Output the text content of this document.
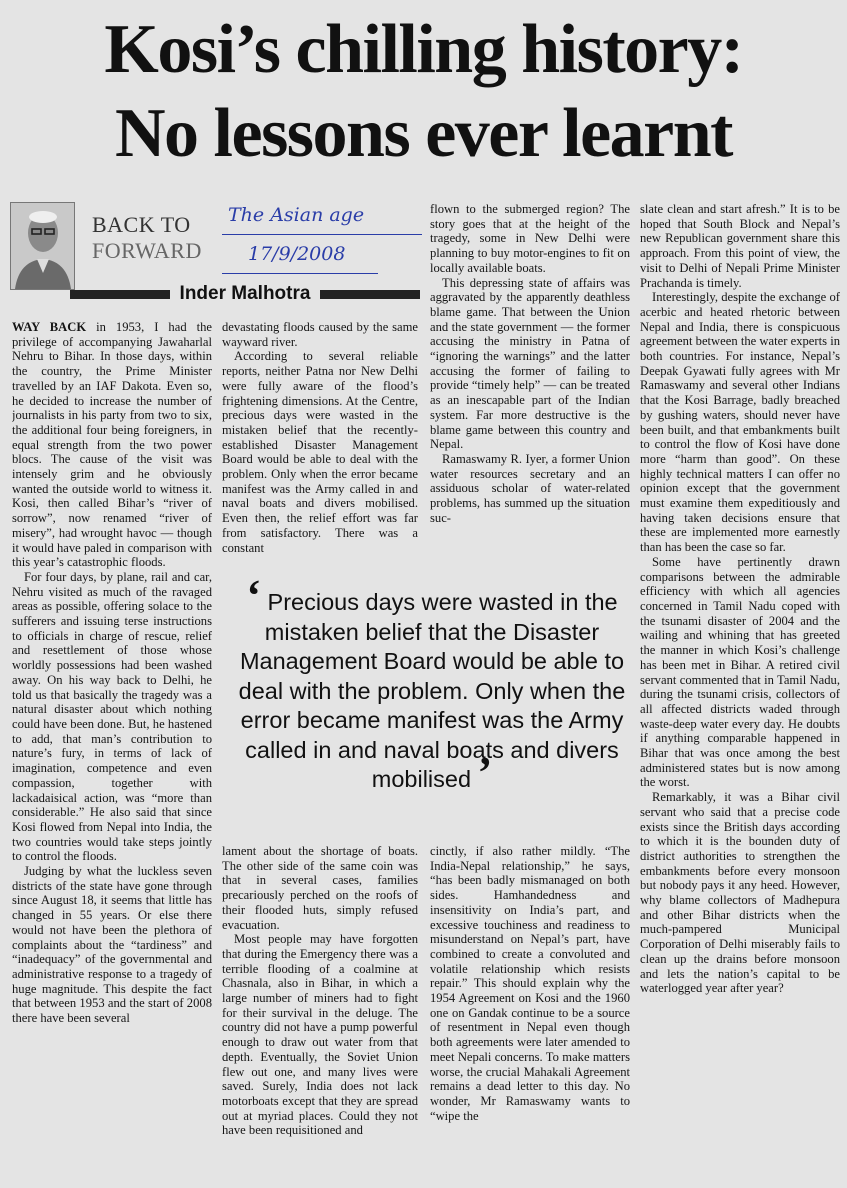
Kosi’s chilling history:
No lessons ever learnt
BACK TO
FORWARD
The Asian age
17/9/2008
Inder Malhotra

WAY BACK in 1953, I had the privilege of accompanying Jawaharlal Nehru to Bihar. In those days, within the country, the Prime Minister travelled by an IAF Dakota. Even so, he decided to increase the number of journalists in his party from two to six, the additional four being foreigners, in equal strength from the two power blocs. The cause of the visit was intensely grim and he obviously wanted the outside world to witness it. Kosi, then called Bihar’s “river of sorrow”, now renamed “river of misery”, had wrought havoc — though it would have paled in comparison with this year’s catastrophic floods.

For four days, by plane, rail and car, Nehru visited as much of the ravaged areas as possible, offering solace to the sufferers and issuing terse instructions to officials in charge of rescue, relief and resettlement of those whose worldly possessions had been washed away. On his way back to Delhi, he told us that basically the tragedy was a natural disaster about which nothing could have been done. But, he hastened to add, that man’s contribution to nature’s fury, in terms of lack of imagination, competence and even compassion, together with lackadaisical action, was “more than considerable.” He also said that since Kosi flowed from Nepal into India, the two countries would take steps jointly to control the floods.

Judging by what the luckless seven districts of the state have gone through since August 18, it seems that little has changed in 55 years. Or else there would not have been the plethora of complaints about the “tardiness” and “inadequacy” of the governmental and administrative response to a tragedy of huge magnitude. This despite the fact that between 1953 and the start of 2008 there have been several

devastating floods caused by the same wayward river.

According to several reliable reports, neither Patna nor New Delhi were fully aware of the flood’s frightening dimensions. At the Centre, precious days were wasted in the mistaken belief that the recently-established Disaster Management Board would be able to deal with the problem. Only when the error became manifest was the Army called in and naval boats and divers mobilised. Even then, the relief effort was far from satisfactory. There was a constant

flown to the submerged region? The story goes that at the height of the tragedy, some in New Delhi were planning to buy motor-engines to fit on locally available boats.

This depressing state of affairs was aggravated by the apparently deathless blame game. That between the Union and the state government — the former accusing the ministry in Patna of “ignoring the warnings” and the latter accusing the former of failing to provide “timely help” — can be treated as an inescapable part of the Indian system. Far more destructive is the blame game between this country and Nepal.

Ramaswamy R. Iyer, a former Union water resources secretary and an assiduous scholar of water-related problems, has summed up the situation suc-

‘ Precious days were wasted in the mistaken belief that the Disaster Management Board would be able to deal with the problem. Only when the error became manifest was the Army called in and naval boats and divers mobilised ’

lament about the shortage of boats. The other side of the same coin was that in several cases, families precariously perched on the roofs of their flooded huts, simply refused evacuation.

Most people may have forgotten that during the Emergency there was a terrible flooding of a coalmine at Chasnala, also in Bihar, in which a large number of miners had to fight for their survival in the deluge. The country did not have a pump powerful enough to draw out water from that depth. Eventually, the Soviet Union flew out one, and many lives were saved. Surely, India does not lack motorboats except that they are spread out at myriad places. Could they not have been requisitioned and

cinctly, if also rather mildly. “The India-Nepal relationship,” he says, “has been badly mismanaged on both sides. Hamhandedness and insensitivity on India’s part, and excessive touchiness and readiness to misunderstand on Nepal’s part, have combined to create a convoluted and volatile relationship which resists repair.” This should explain why the 1954 Agreement on Kosi and the 1960 one on Gandak continue to be a source of resentment in Nepal even though both agreements were later amended to meet Nepali concerns. To make matters worse, the crucial Mahakali Agreement remains a dead letter to this day. No wonder, Mr Ramaswamy wants to “wipe the

slate clean and start afresh.” It is to be hoped that South Block and Nepal’s new Republican government share this approach. From this point of view, the visit to Delhi of Nepali Prime Minister Prachanda is timely.

Interestingly, despite the exchange of acerbic and heated rhetoric between Nepal and India, there is conspicuous agreement between the water experts in both countries. For instance, Nepal’s Deepak Gyawati fully agrees with Mr Ramaswamy and several other Indians that the Kosi Barrage, badly breached by gushing waters, should never have been built, and that embankments built to control the flow of Kosi have done more “harm than good”. On these highly technical matters I can offer no opinion except that the government must examine them expeditiously and having taken decisions ensure that these are implemented more earnestly than has been the case so far.

Some have pertinently drawn comparisons between the admirable efficiency with which all agencies concerned in Tamil Nadu coped with the tsunami disaster of 2004 and the wailing and whining that has greeted the manner in which Kosi’s challenge has been met in Bihar. A retired civil servant commented that in Tamil Nadu, during the tsunami crisis, collectors of all affected districts waded through waste-deep water every day. He doubts if anything comparable happened in Bihar that was once among the best administered states but is now among the worst.

Remarkably, it was a Bihar civil servant who said that a precise code exists since the British days according to which it is the bounden duty of district authorities to strengthen the embankments before every monsoon but nobody pays it any heed. However, why blame collectors of Madhepura and other Bihar districts when the much-pampered Municipal Corporation of Delhi miserably fails to clean up the drains before monsoon and lets the nation’s capital to be waterlogged year after year?
